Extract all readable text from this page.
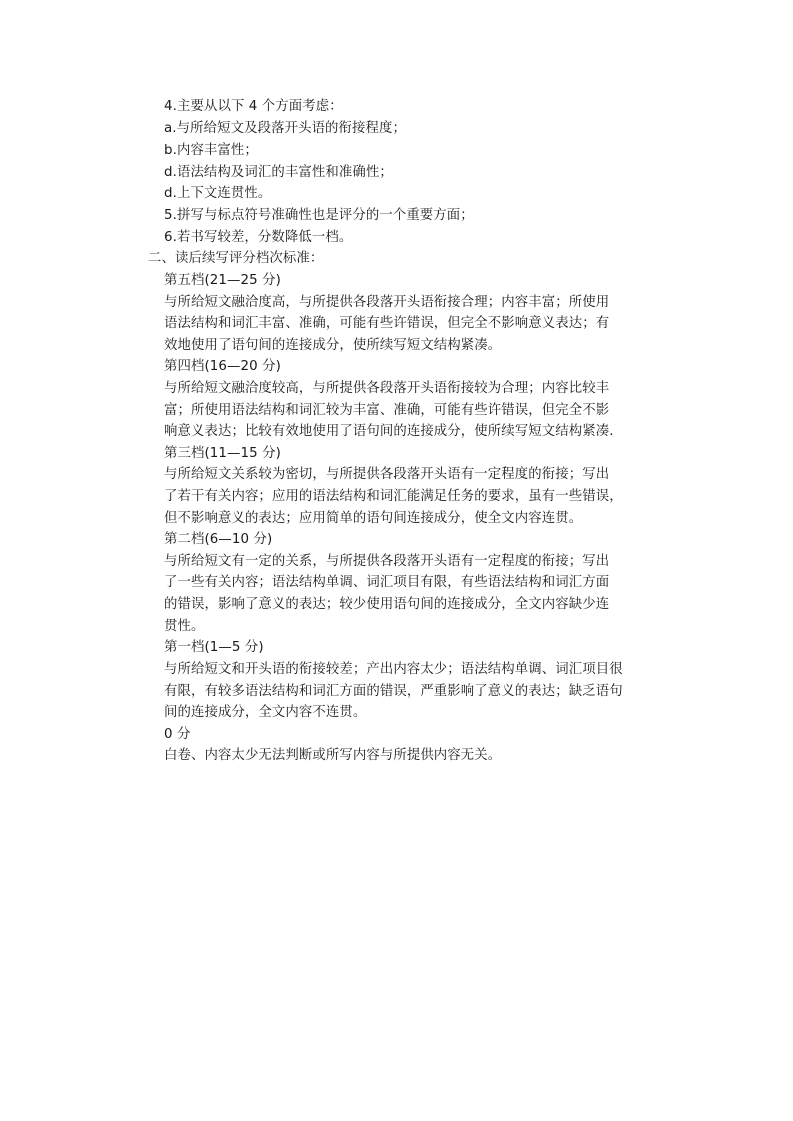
4.主要从以下 4 个方面考虑：
a.与所给短文及段落开头语的衔接程度；
b.内容丰富性；
d.语法结构及词汇的丰富性和准确性；
d.上下文连贯性。
5.拼写与标点符号准确性也是评分的一个重要方面；
6.若书写较差，分数降低一档。
二、读后续写评分档次标准：
第五档(21—25 分)
与所给短文融洽度高，与所提供各段落开头语衔接合理；内容丰富；所使用
语法结构和词汇丰富、准确，可能有些许错误，但完全不影响意义表达；有
效地使用了语句间的连接成分，使所续写短文结构紧凑。
第四档(16—20 分)
与所给短文融洽度较高，与所提供各段落开头语衔接较为合理；内容比较丰
富；所使用语法结构和词汇较为丰富、准确，可能有些许错误，但完全不影
响意义表达；比较有效地使用了语句间的连接成分，使所续写短文结构紧凑.
第三档(11—15 分)
与所给短文关系较为密切，与所提供各段落开头语有一定程度的衔接；写出
了若干有关内容；应用的语法结构和词汇能满足任务的要求，虽有一些错误，
但不影响意义的表达；应用简单的语句间连接成分，使全文内容连贯。
第二档(6—10 分)
与所给短文有一定的关系，与所提供各段落开头语有一定程度的衔接；写出
了一些有关内容；语法结构单调、词汇项目有限，有些语法结构和词汇方面
的错误，影响了意义的表达；较少使用语句间的连接成分，全文内容缺少连
贯性。
第一档(1—5 分)
与所给短文和开头语的衔接较差；产出内容太少；语法结构单调、词汇项目很
有限，有较多语法结构和词汇方面的错误，严重影响了意义的表达；缺乏语句
间的连接成分，全文内容不连贯。
0 分
白卷、内容太少无法判断或所写内容与所提供内容无关。
